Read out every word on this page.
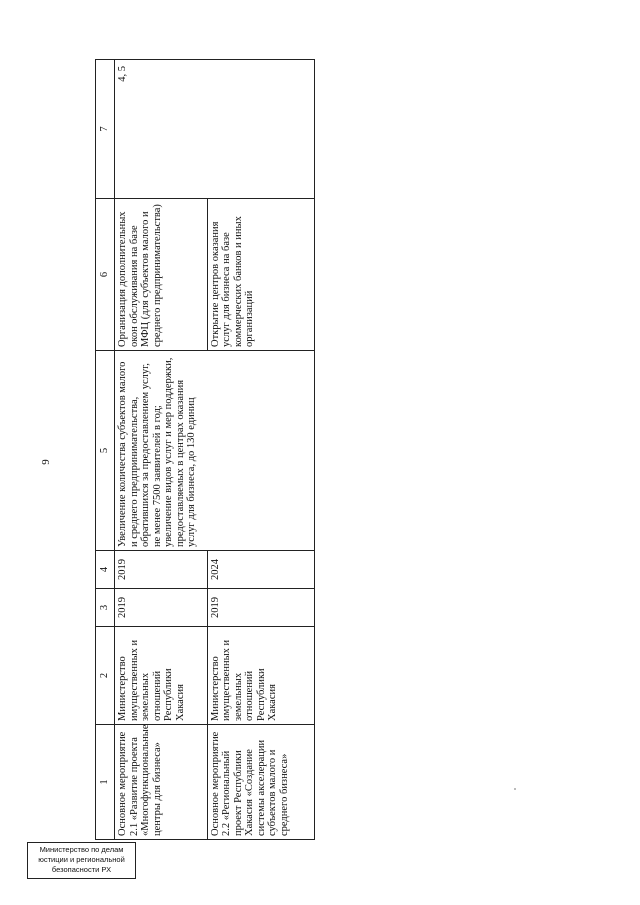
9
1	2	3	4	5	6	7
Основное мероприятие 2.1 «Развитие проекта «Многофункциональные центры для бизнеса»	Министерство имущественных и земельных отношений Республики Хакасия	2019	2019	Увеличение количества субъектов малого и среднего предпринимательства, обратившихся за предоставлением услуг, не менее 7500 заявителей в год; увеличение видов услуг и мер поддержки, предоставляемых в центрах оказания услуг для бизнеса, до 130 единиц	Организация дополнительных окон обслуживания на базе МФЦ (для субъектов малого и среднего предпринимательства)	4, 5
Основное мероприятие 2.2 «Региональный проект Республики Хакасия «Создание системы акселерации субъектов малого и среднего бизнеса»	Министерство имущественных и земельных отношений Республики Хакасия	2019	2024		Открытие центров оказания услуг для бизнеса на базе коммерческих банков и иных организаций	
Министерство по делам
юстиции и региональной
безопасности РХ
